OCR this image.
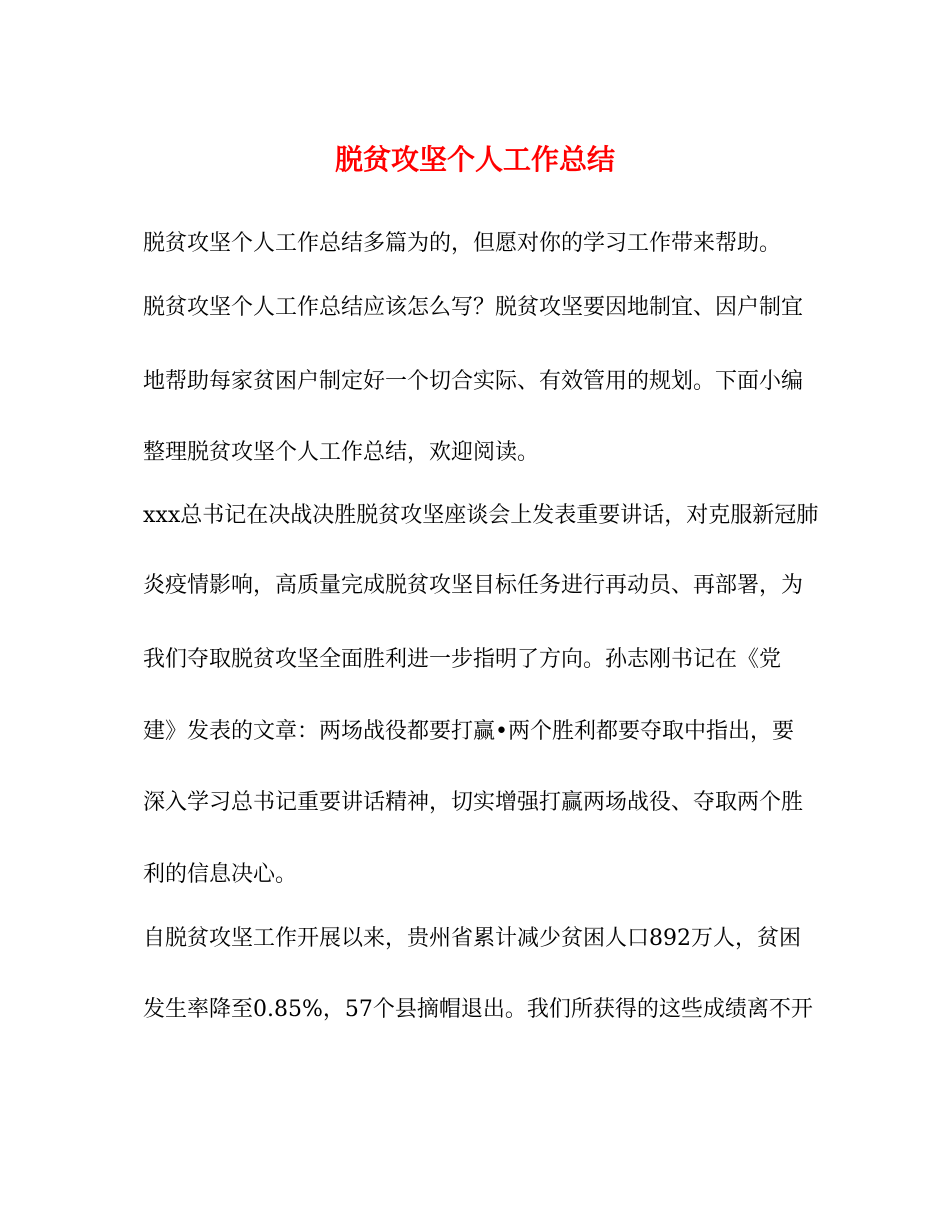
脱贫攻坚个人工作总结
脱贫攻坚个人工作总结多篇为的，但愿对你的学习工作带来帮助。
脱贫攻坚个人工作总结应该怎么写？脱贫攻坚要因地制宜、因户制宜
地帮助每家贫困户制定好一个切合实际、有效管用的规划。下面小编
整理脱贫攻坚个人工作总结，欢迎阅读。
xxx总书记在决战决胜脱贫攻坚座谈会上发表重要讲话，对克服新冠肺
炎疫情影响，高质量完成脱贫攻坚目标任务进行再动员、再部署，为
我们夺取脱贫攻坚全面胜利进一步指明了方向。孙志刚书记在《党
建》发表的文章：两场战役都要打赢•两个胜利都要夺取中指出，要
深入学习总书记重要讲话精神，切实增强打赢两场战役、夺取两个胜
利的信息决心。
自脱贫攻坚工作开展以来，贵州省累计减少贫困人口892万人，贫困
发生率降至0.85%，57个县摘帽退出。我们所获得的这些成绩离不开
